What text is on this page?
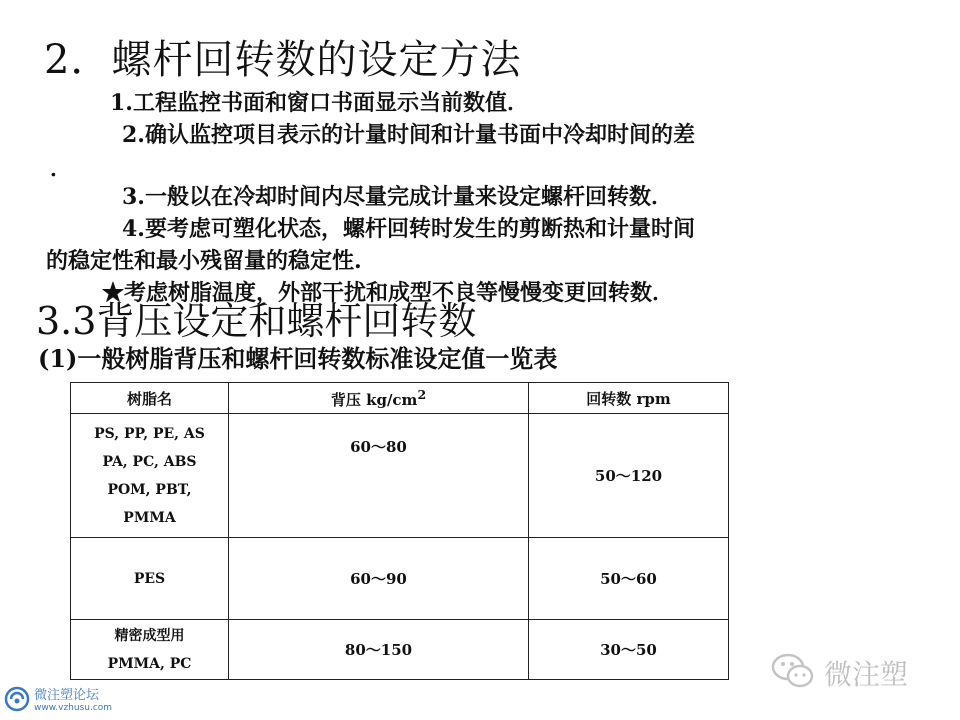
2．螺杆回转数的设定方法
1.工程监控书面和窗口书面显示当前数值．
2.确认监控项目表示的计量时间和计量书面中冷却时间的差
．
3.一般以在冷却时间内尽量完成计量来设定螺杆回转数．
4.要考虑可塑化状态，螺杆回转时发生的剪断热和计量时间
的稳定性和最小残留量的稳定性.
★考虑树脂温度，外部干扰和成型不良等慢慢变更回转数．
3.3背压设定和螺杆回转数
(1)一般树脂背压和螺杆回转数标准设定值一览表
树脂名	背压 $kg/cm^2$	回转数 rpm

PS, PP, PE, AS
PA, PC, ABS
POM, PBT,
PMMA	60～80	50～120

PES	60～90	50～60

精密成型用
PMMA, PC	80～150	30～50
微注塑
微注塑论坛
www.vzhusu.com
